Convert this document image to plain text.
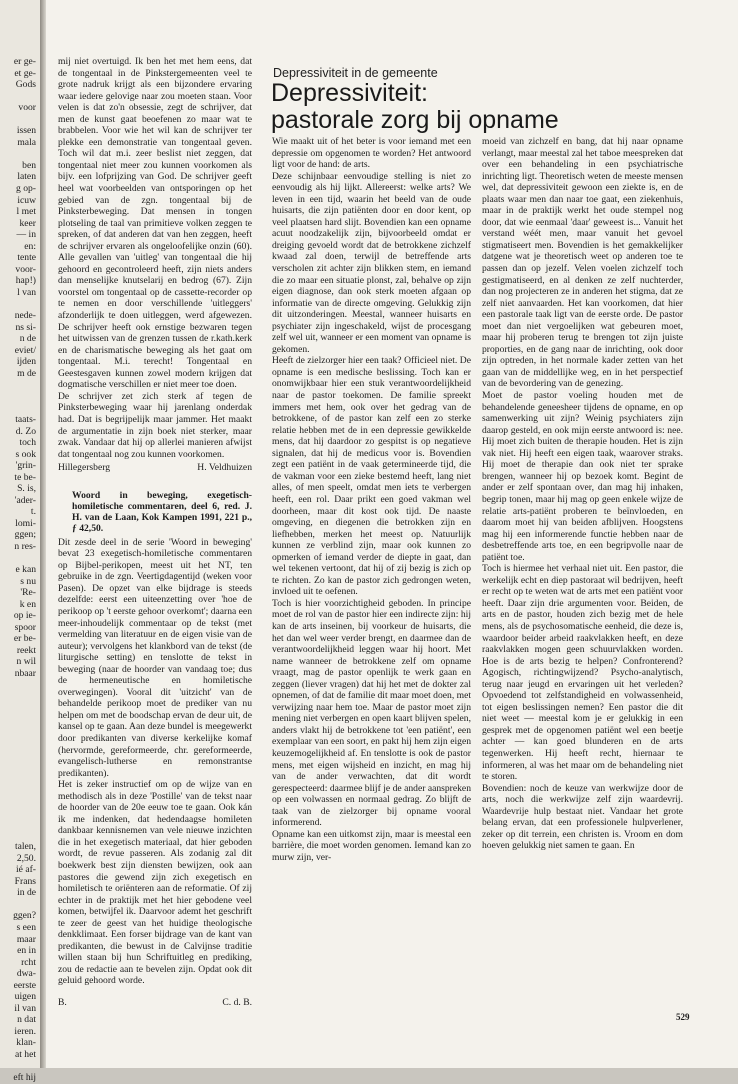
er ge-
et ge-
Gods

voor

issen
mala

ben
laten
g op-
icuw
l met
keer
— in
en:
tente
voor-
hap!)
l van

nede-
ns si-
n de
eviet/
ijden
m de

taats-
d. Zo
toch
s ook
'grin-
te be-
S. is,
'ader-
t.
lomi-
ggen;
n res-

e kan
s nu
'Re-
k en
op ie-
spoor
er be-
reekt
n wil
nbaar

talen,
2,50.
ié af-
Frans
in de

ggen?
s een
maar
en in
rcht
dwa-
eerste
uigen
il van
n dat
ieren.
klan-
at het

eft hij

mij niet overtuigd. Ik ben het met hem eens, dat de tongentaal in de Pinkstergemeenten veel te grote nadruk krijgt als een bijzondere ervaring waar iedere gelovige naar zou moeten staan. Voor velen is dat zo'n obsessie, zegt de schrijver, dat men de kunst gaat beoefenen zo maar wat te brabbelen. Voor wie het wil kan de schrijver ter plekke een demonstratie van tongentaal geven. Toch wil dat m.i. zeer beslist niet zeggen, dat tongentaal niet meer zou kunnen voorkomen als bijv. een lofprijzing van God. De schrijver geeft heel wat voorbeelden van ontsporingen op het gebied van de zgn. tongentaal bij de Pinksterbeweging. Dat mensen in tongen plotseling de taal van primitieve volken zeggen te spreken, of dat anderen dat van hen zeggen, heeft de schrijver ervaren als ongeloofelijke onzin (60). Alle gevallen van 'uitleg' van tongentaal die hij gehoord en gecontroleerd heeft, zijn niets anders dan menselijke knutselarij en bedrog (67). Zijn voorstel om tongentaal op de cassette-recorder op te nemen en door verschillende 'uitleggers' afzonderlijk te doen uitleggen, werd afgewezen. De schrijver heeft ook ernstige bezwaren tegen het uitwissen van de grenzen tussen de r.kath.kerk en de charismatische beweging als het gaat om tongentaal. M.i. terecht! Tongentaal en Geestesgaven kunnen zowel modern krijgen dat dogmatische verschillen er niet meer toe doen.

De schrijver zet zich sterk af tegen de Pinksterbeweging waar hij jarenlang onderdak had. Dat is begrijpelijk maar jammer. Het maakt de argumentatie in zijn boek niet sterker, maar zwak. Vandaar dat hij op allerlei manieren afwijst dat tongentaal nog zou kunnen voorkomen.

Hillegersberg	H. Veldhuizen
Woord in beweging, exegetisch-homiletische commentaren, deel 6, red. J. H. van de Laan, Kok Kampen 1991, 221 p., ƒ 42,50.

Dit zesde deel in de serie 'Woord in beweging' bevat 23 exegetisch-homiletische commentaren op Bijbel-perikopen, meest uit het NT, ten gebruike in de zgn. Veertigdagentijd (weken voor Pasen). De opzet van elke bijdrage is steeds dezelfde: eerst een uiteenzetting over 'hoe de perikoop op 't eerste gehoor overkomt'; daarna een meer-inhoudelijk commentaar op de tekst (met vermelding van literatuur en de eigen visie van de auteur); vervolgens het klankbord van de tekst (de liturgische setting) en tenslotte de tekst in beweging (naar de hoorder van vandaag toe; dus de hermeneutische en homiletische overwegingen). Vooral dit 'uitzicht' van de behandelde perikoop moet de prediker van nu helpen om met de boodschap ervan de deur uit, de kansel op te gaan. Aan deze bundel is meegewerkt door predikanten van diverse kerkelijke komaf (hervormde, gereformeerde, chr. gereformeerde, evangelisch-lutherse en remonstrantse predikanten).

Het is zeker instructief om op de wijze van en methodisch als in deze 'Postille' van de tekst naar de hoorder van de 20e eeuw toe te gaan. Ook kán ik me indenken, dat hedendaagse homileten dankbaar kennisnemen van vele nieuwe inzichten die in het exegetisch materiaal, dat hier geboden wordt, de revue passeren. Als zodanig zal dit boekwerk best zijn diensten bewijzen, ook aan pastores die gewend zijn zich exegetisch en homiletisch te oriënteren aan de reformatie. Of zij echter in de praktijk met het hier gebodene veel komen, betwijfel ik. Daarvoor ademt het geschrift te zeer de geest van het huidige theologische denkklimaat. Een forser bijdrage van de kant van predikanten, die bewust in de Calvijnse traditie willen staan bij hun Schriftuitleg en prediking, zou de redactie aan te bevelen zijn. Opdat ook dit geluid gehoord worde.

B.	C. d. B.
Depressiviteit in de gemeente
Depressiviteit:
pastorale zorg bij opname

Wie maakt uit of het beter is voor iemand met een depressie om opgenomen te worden? Het antwoord ligt voor de hand: de arts.

Deze schijnbaar eenvoudige stelling is niet zo eenvoudig als hij lijkt. Allereerst: welke arts? We leven in een tijd, waarin het beeld van de oude huisarts, die zijn patiënten door en door kent, op veel plaatsen hard slijt. Bovendien kan een opname acuut noodzakelijk zijn, bijvoorbeeld omdat er dreiging gevoeld wordt dat de betrokkene zichzelf kwaad zal doen, terwijl de betreffende arts verscholen zit achter zijn blikken stem, en iemand die zo maar een situatie plonst, zal, behalve op zijn eigen diagnose, dan ook sterk moeten afgaan op informatie van de directe omgeving. Gelukkig zijn dit uitzonderingen. Meestal, wanneer huisarts en psychiater zijn ingeschakeld, wijst de procesgang zelf wel uit, wanneer er een moment van opname is gekomen.

Heeft de zielzorger hier een taak? Officieel niet. De opname is een medische beslissing. Toch kan er onomwijkbaar hier een stuk verantwoordelijkheid naar de pastor toekomen. De familie spreekt immers met hem, ook over het gedrag van de betrokkene, of de pastor kan zelf een zo sterke relatie hebben met de in een depressie gewikkelde mens, dat hij daardoor zo gespitst is op negatieve signalen, dat hij de medicus voor is. Bovendien zegt een patiënt in de vaak getermineerde tijd, die de vakman voor een zieke bestemd heeft, lang niet alles, of men speelt, omdat men iets te verbergen heeft, een rol. Daar prikt een goed vakman wel doorheen, maar dit kost ook tijd. De naaste omgeving, en diegenen die betrokken zijn en liefhebben, merken het meest op. Natuurlijk kunnen ze verblind zijn, maar ook kunnen zo opmerken of iemand verder de diepte in gaat, dan wel tekenen vertoont, dat hij of zij bezig is zich op te richten. Zo kan de pastor zich gedrongen weten, invloed uit te oefenen.

Toch is hier voorzichtigheid geboden. In principe moet de rol van de pastor hier een indirecte zijn: hij kan de arts inseinen, bij voorkeur de huisarts, die het dan wel weer verder brengt, en daarmee dan de verantwoordelijkheid leggen waar hij hoort. Met name wanneer de betrokkene zelf om opname vraagt, mag de pastor openlijk te werk gaan en zeggen (liever vragen) dat hij het met de dokter zal opnemen, of dat de familie dit maar moet doen, met verwijzing naar hem toe. Maar de pastor moet zijn mening niet verbergen en open kaart blijven spelen, anders vlakt hij de betrokkene tot 'een patiënt', een exemplaar van een soort, en pakt hij hem zijn eigen keuzemogelijkheid af. En tenslotte is ook de pastor mens, met eigen wijsheid en inzicht, en mag hij van de ander verwachten, dat dit wordt gerespecteerd: daarmee blijf je de ander aanspreken op een volwassen en normaal gedrag. Zo blijft de taak van de zielzorger bij opname vooral informerend.

Opname kan een uitkomst zijn, maar is meestal een barrière, die moet worden genomen. Iemand kan zo murw zijn, ver-

moeid van zichzelf en bang, dat hij naar opname verlangt, maar meestal zal het taboe meespreken dat over een behandeling in een psychiatrische inrichting ligt. Theoretisch weten de meeste mensen wel, dat depressiviteit gewoon een ziekte is, en de plaats waar men dan naar toe gaat, een ziekenhuis, maar in de praktijk werkt het oude stempel nog door, dat wie eenmaal 'daar' geweest is... Vanuit het verstand wéét men, maar vanuit het gevoel stigmatiseert men. Bovendien is het gemakkelijker datgene wat je theoretisch weet op anderen toe te passen dan op jezelf. Velen voelen zichzelf toch gestigmatiseerd, en al denken ze zelf nuchterder, dan nog projecteren ze in anderen het stigma, dat ze zelf niet aanvaarden. Het kan voorkomen, dat hier een pastorale taak ligt van de eerste orde. De pastor moet dan niet vergoelijken wat gebeuren moet, maar hij proberen terug te brengen tot zijn juiste proporties, en de gang naar de inrichting, ook door zijn optreden, in het normale kader zetten van het gaan van de middellijke weg, en in het perspectief van de bevordering van de genezing.

Moet de pastor voeling houden met de behandelende geneesheer tijdens de opname, en op samenwerking uit zijn? Weinig psychiaters zijn daarop gesteld, en ook mijn eerste antwoord is: nee. Hij moet zich buiten de therapie houden. Het is zijn vak niet. Hij heeft een eigen taak, waarover straks. Hij moet de therapie dan ook niet ter sprake brengen, wanneer hij op bezoek komt. Begint de ander er zelf spontaan over, dan mag hij inhaken, begrip tonen, maar hij mag op geen enkele wijze de relatie arts-patiënt proberen te beïnvloeden, en daarom moet hij van beiden afblijven. Hoogstens mag hij een informerende functie hebben naar de desbetreffende arts toe, en een begripvolle naar de patiënt toe.

Toch is hiermee het verhaal niet uit. Een pastor, die werkelijk echt en diep pastoraat wil bedrijven, heeft er recht op te weten wat de arts met een patiënt voor heeft. Daar zijn drie argumenten voor. Beiden, de arts en de pastor, houden zich bezig met de hele mens, als de psychosomatische eenheid, die deze is, waardoor beider arbeid raakvlakken heeft, en deze raakvlakken mogen geen schuurvlakken worden. Hoe is de arts bezig te helpen? Confronterend? Agogisch, richtingwijzend? Psycho-analytisch, terug naar jeugd en ervaringen uit het verleden? Opvoedend tot zelfstandigheid en volwassenheid, tot eigen beslissingen nemen? Een pastor die dit niet weet — meestal kom je er gelukkig in een gesprek met de opgenomen patiënt wel een beetje achter — kan goed blunderen en de arts tegenwerken. Hij heeft recht, hiernaar te informeren, al was het maar om de behandeling niet te storen.

Bovendien: noch de keuze van werkwijze door de arts, noch die werkwijze zelf zijn waardevrij. Waardevrije hulp bestaat niet. Vandaar het grote belang ervan, dat een professionele hulpverlener, zeker op dit terrein, een christen is. Vroom en dom hoeven gelukkig niet samen te gaan. En

529
